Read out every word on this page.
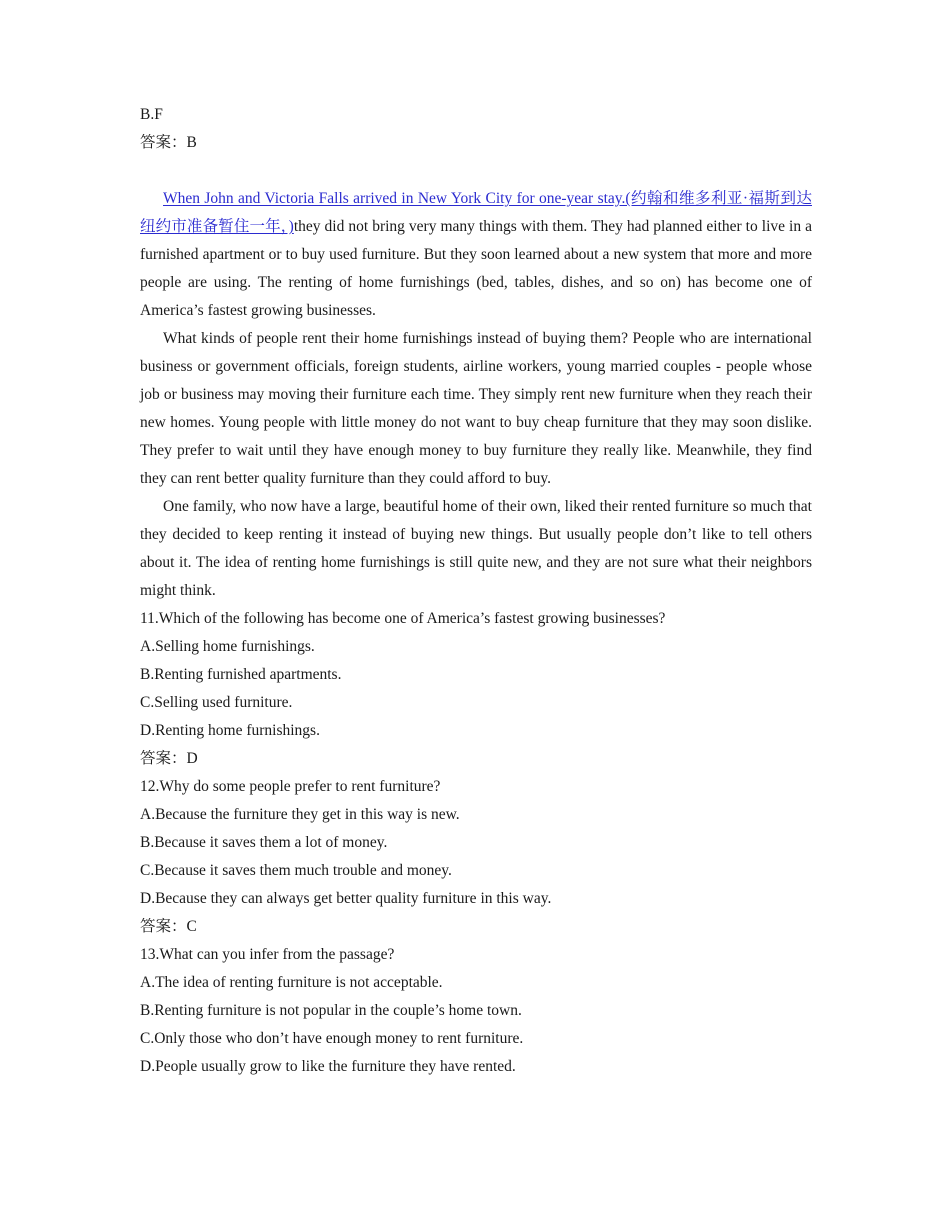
B.F
答案：B

When John and Victoria Falls arrived in New York City for one-year stay.(约翰和维多利亚·福斯到达纽约市准备暂住一年，)they did not bring very many things with them. They had planned either to live in a furnished apartment or to buy used furniture. But they soon learned about a new system that more and more people are using. The renting of home furnishings (bed, tables, dishes, and so on) has become one of America’s fastest growing businesses.

What kinds of people rent their home furnishings instead of buying them? People who are international business or government officials, foreign students, airline workers, young married couples - people whose job or business may moving their furniture each time. They simply rent new furniture when they reach their new homes. Young people with little money do not want to buy cheap furniture that they may soon dislike. They prefer to wait until they have enough money to buy furniture they really like. Meanwhile, they find they can rent better quality furniture than they could afford to buy.

One family, who now have a large, beautiful home of their own, liked their rented furniture so much that they decided to keep renting it instead of buying new things. But usually people don’t like to tell others about it. The idea of renting home furnishings is still quite new, and they are not sure what their neighbors might think.

11.Which of the following has become one of America’s fastest growing businesses?
A.Selling home furnishings.
B.Renting furnished apartments.
C.Selling used furniture.
D.Renting home furnishings.
答案：D
12.Why do some people prefer to rent furniture?
A.Because the furniture they get in this way is new.
B.Because it saves them a lot of money.
C.Because it saves them much trouble and money.
D.Because they can always get better quality furniture in this way.
答案：C
13.What can you infer from the passage?
A.The idea of renting furniture is not acceptable.
B.Renting furniture is not popular in the couple’s home town.
C.Only those who don’t have enough money to rent furniture.
D.People usually grow to like the furniture they have rented.
